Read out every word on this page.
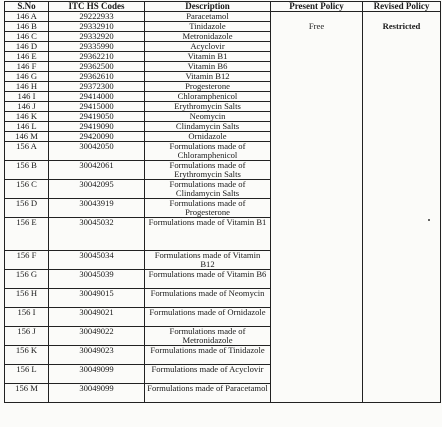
S.No	ITC HS Codes	Description	Present Policy	Revised Policy
146 A	29222933	Paracetamol		
146 B	29332910	Tinidazole	Free	Restricted
146 C	29332920	Metronidazole		
146 D	29335990	Acyclovir		
146 E	29362210	Vitamin B1		
146 F	29362500	Vitamin B6		
146 G	29362610	Vitamin B12		
146 H	29372300	Progesterone		
146 I	29414000	Chloramphenicol		
146 J	29415000	Erythromycin Salts		
146 K	29419050	Neomycin		
146 L	29419090	Clindamycin Salts		
146 M	29420090	Ornidazole		
156 A	30042050	Formulations made of Chloramphenicol		
156 B	30042061	Formulations made of Erythromycin Salts		
156 C	30042095	Formulations made of Clindamycin Salts		
156 D	30043919	Formulations made of Progesterone		
156 E	30045032	Formulations made of Vitamin B1		
156 F	30045034	Formulations made of Vitamin B12		
156 G	30045039	Formulations made of Vitamin B6		
156 H	30049015	Formulations made of Neomycin		
156 I	30049021	Formulations made of Ornidazole		
156 J	30049022	Formulations made of Metronidazole		
156 K	30049023	Formulations made of Tinidazole		
156 L	30049099	Formulations made of Acyclovir		
156 M	30049099	Formulations made of Paracetamol		
